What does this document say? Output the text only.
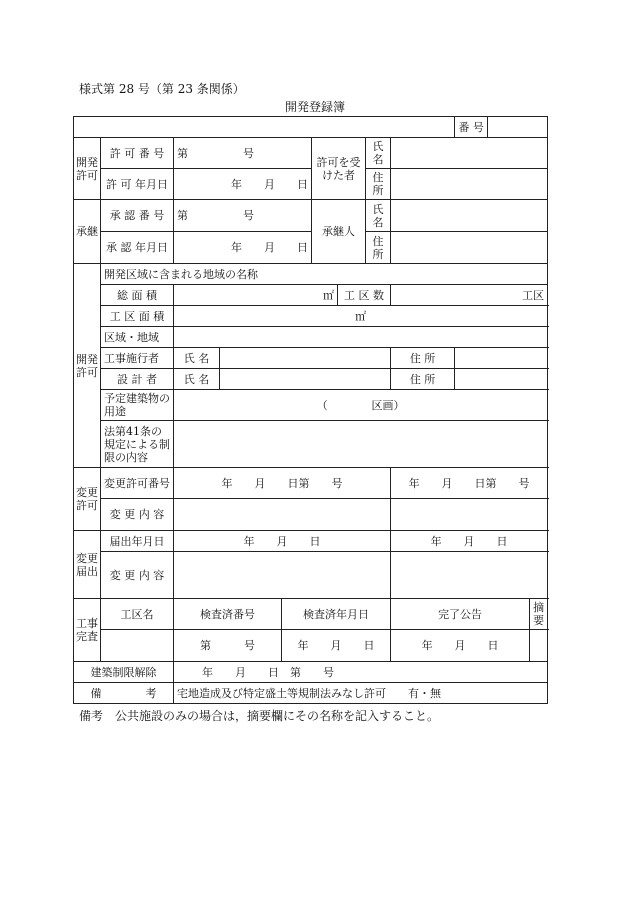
様式第 28 号（第 23 条関係）
開発登録簿
									番 号		

開発許可	許 可 番 号	第　　　　　号			許可を受けた者		氏名				
	許 可 年月日	年　　月　　日					住所				

承継	承 認 番 号	第　　　　　号			承継人		氏名				
	承 認 年月日	年　　月　　日					住所				

開発許可	開発区域に含まれる地域の名称										
	総 面 積	㎡				工 区 数		工区			
	工 区 面 積	㎡									
	区域・地域										
	工事施行者	氏 名						住 所			
	設 計 者	氏 名						住 所			
	予定建築物の用途	（　　　　区画）									
	法第41条の規定による制限の内容										

変更許可	変更許可番号	年　　月　　日第　　号						年　　月　　日第　　号			
	変 更 内 容										

変更届出	届出年月日	年　　月　　日						年　　月　　日			
	変 更 内 容										

工事完査	工区名	検査済番号		検査済年月日				完了公告			摘要
		第　　　号		年　　月　　日				年　　月　　日			
建築制限解除		年　　月　　日　第　　号									
備　　　　考		宅地造成及び特定盛土等規制法みなし許可　　有・無									
備考　公共施設のみの場合は，摘要欄にその名称を記入すること。
